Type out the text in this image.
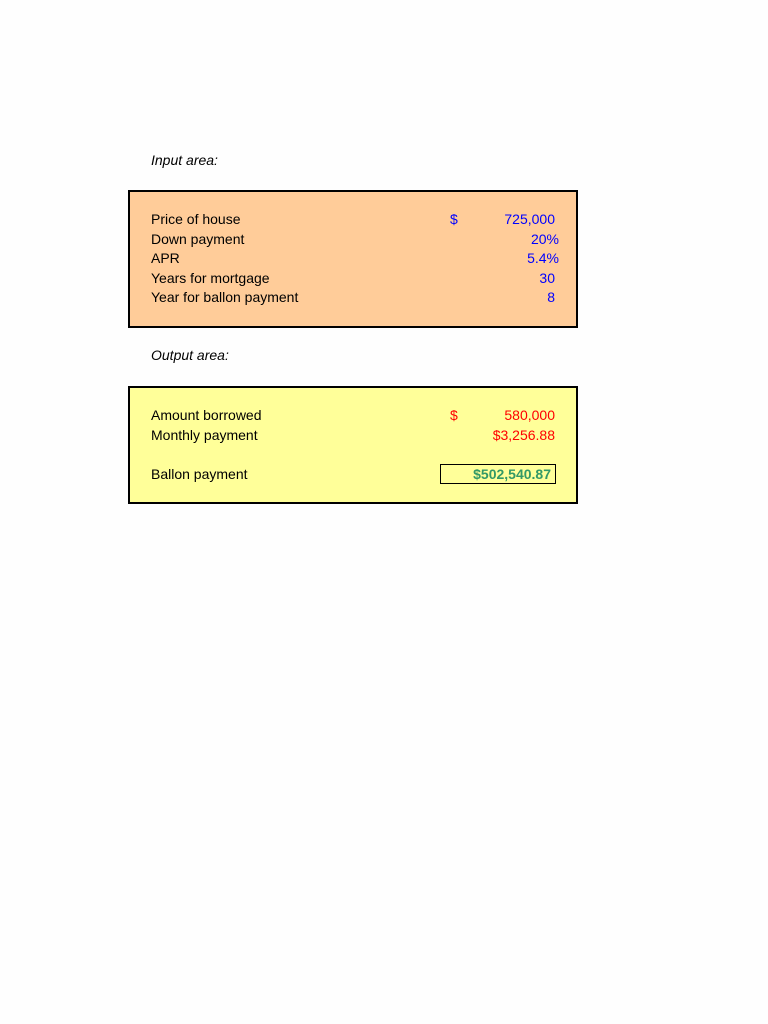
Input area:

Price of house	$	725,000
Down payment	20%
APR	5.4%
Years for mortgage	30
Year for ballon payment	8

Output area:

Amount borrowed	$	580,000
Monthly payment	$3,256.88
Ballon payment	$502,540.87
